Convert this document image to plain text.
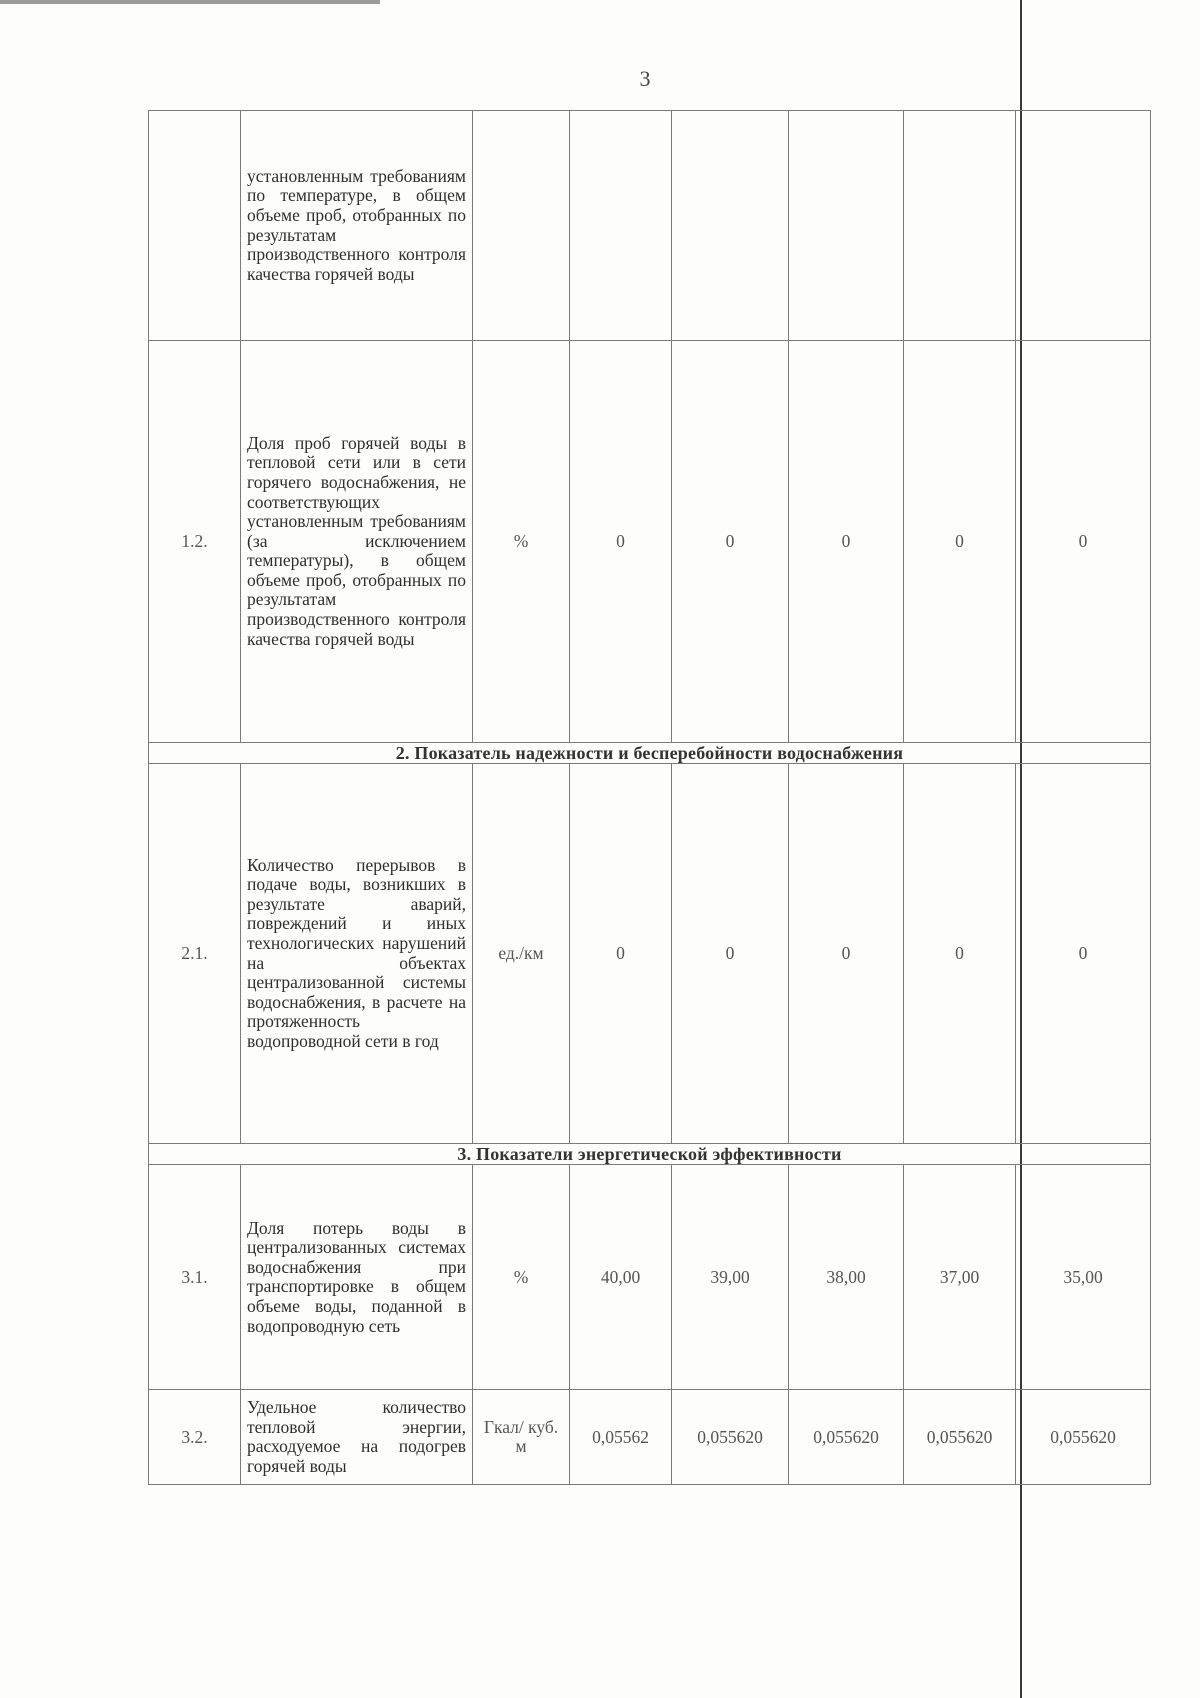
3
	установленным требованиям по температуре, в общем объеме проб, отобранных по результатам производственного контроля качества горячей воды						
1.2.	Доля проб горячей воды в тепловой сети или в сети горячего водоснабжения, не соответствующих установленным требованиям (за исключением температуры), в общем объеме проб, отобранных по результатам производственного контроля качества горячей воды	%	0	0	0	0	0
2. Показатель надежности и бесперебойности водоснабжения							
2.1.	Количество перерывов в подаче воды, возникших в результате аварий, повреждений и иных технологических нарушений на объектах централизованной системы водоснабжения, в расчете на протяженность водопроводной сети в год	ед./км	0	0	0	0	0
3. Показатели энергетической эффективности							
3.1.	Доля потерь воды в централизованных системах водоснабжения при транспортировке в общем объеме воды, поданной в водопроводную сеть	%	40,00	39,00	38,00	37,00	35,00
3.2.	Удельное количество тепловой энергии, расходуемое на подогрев горячей воды	Гкал/ куб. м	0,05562	0,055620	0,055620	0,055620	0,055620
